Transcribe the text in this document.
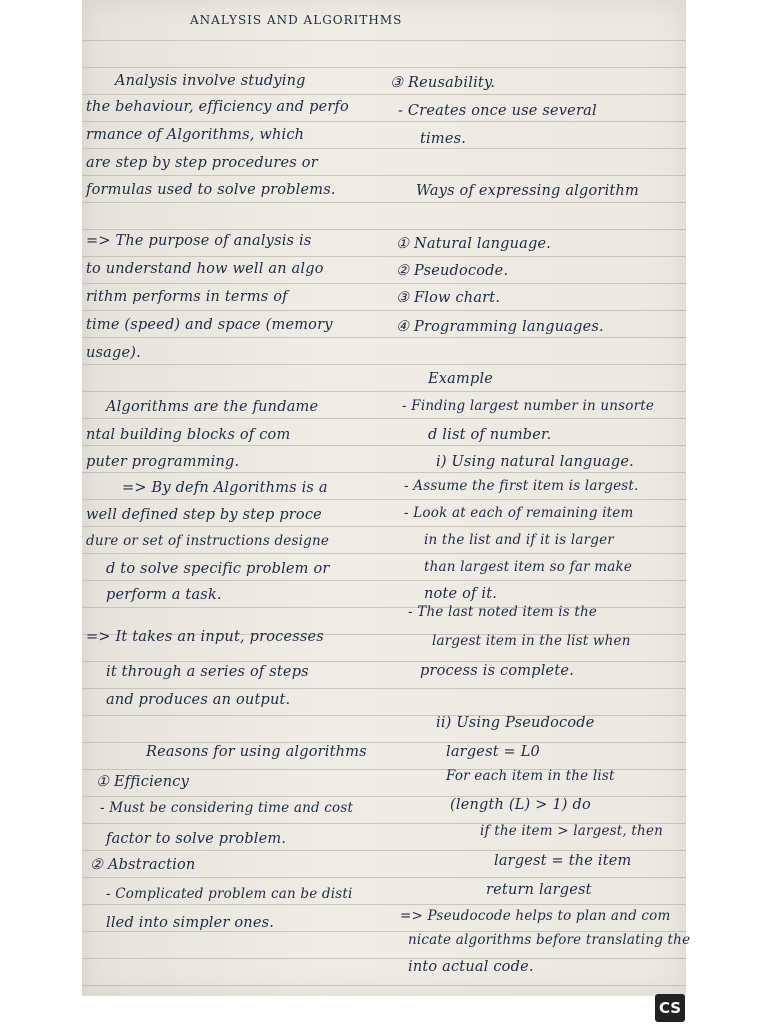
ANALYSIS AND ALGORITHMS
Analysis involve studying
the behaviour, efficiency and perfo
rmance of Algorithms, which
are step by step procedures or
formulas used to solve problems.
=> The purpose of analysis is
to understand how well an algo
rithm performs in terms of
time (speed) and space (memory
usage).
Algorithms are the fundame
ntal building blocks of com
puter programming.
=> By defn Algorithms is a
well defined step by step proce
dure or set of instructions designe
d to solve specific problem or
perform a task.
=> It takes an input, processes
it through a series of steps
and produces an output.
Reasons for using algorithms
① Efficiency
- Must be considering time and cost
factor to solve problem.
② Abstraction
- Complicated problem can be disti
lled into simpler ones.
③ Reusability.
- Creates once use several
times.
Ways of expressing algorithm
① Natural language.
② Pseudocode.
③ Flow chart.
④ Programming languages.
Example
- Finding largest number in unsorte
d list of number.
i) Using natural language.
- Assume the first item is largest.
- Look at each of remaining item
in the list and if it is larger
than largest item so far make
note of it.
- The last noted item is the
largest item in the list when
process is complete.
ii) Using Pseudocode
largest = L0
For each item in the list
(length (L) > 1) do
if the item > largest, then
largest = the item
return largest
=> Pseudocode helps to plan and com
nicate algorithms before translating the
into actual code.
CS
